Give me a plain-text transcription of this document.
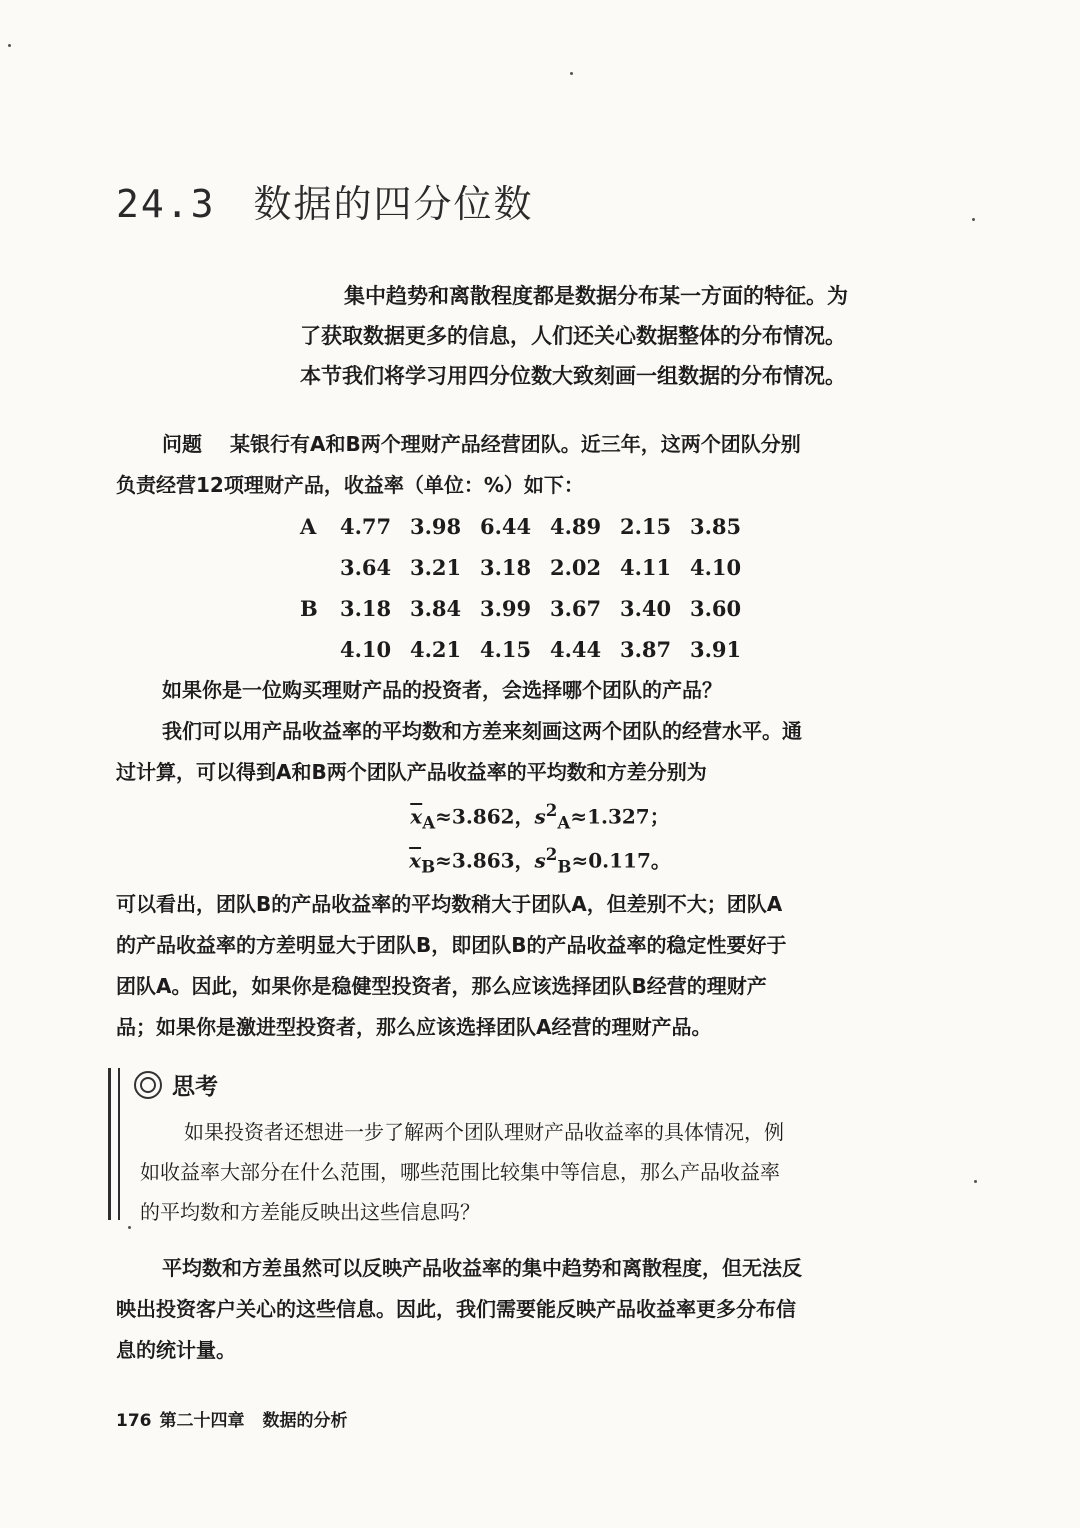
24.3 数据的四分位数

集中趋势和离散程度都是数据分布某一方面的特征。为

了获取数据更多的信息，人们还关心数据整体的分布情况。

本节我们将学习用四分位数大致刻画一组数据的分布情况。

问题 某银行有A和B两个理财产品经营团队。近三年，这两个团队分别

负责经营12项理财产品，收益率（单位：%）如下：

A	4.77 3.98 6.44 4.89 2.15 3.85
3.64 3.21 3.18 2.02 4.11 4.10
B	3.18 3.84 3.99 3.67 3.40 3.60
4.10 4.21 4.15 4.44 3.87 3.91

如果你是一位购买理财产品的投资者，会选择哪个团队的产品？

我们可以用产品收益率的平均数和方差来刻画这两个团队的经营水平。通

过计算，可以得到A和B两个团队产品收益率的平均数和方差分别为

$\overline{x}_A\approx 3.862$，$s^2_A\approx 1.327$；
$\overline{x}_B\approx 3.863$，$s^2_B\approx 0.117$。

可以看出，团队B的产品收益率的平均数稍大于团队A，但差别不大；团队A

的产品收益率的方差明显大于团队B，即团队B的产品收益率的稳定性要好于

团队A。因此，如果你是稳健型投资者，那么应该选择团队B经营的理财产

品；如果你是激进型投资者，那么应该选择团队A经营的理财产品。

思考

如果投资者还想进一步了解两个团队理财产品收益率的具体情况，例

如收益率大部分在什么范围，哪些范围比较集中等信息，那么产品收益率

的平均数和方差能反映出这些信息吗？

平均数和方差虽然可以反映产品收益率的集中趋势和离散程度，但无法反

映出投资客户关心的这些信息。因此，我们需要能反映产品收益率更多分布信

息的统计量。

176 第二十四章 数据的分析
